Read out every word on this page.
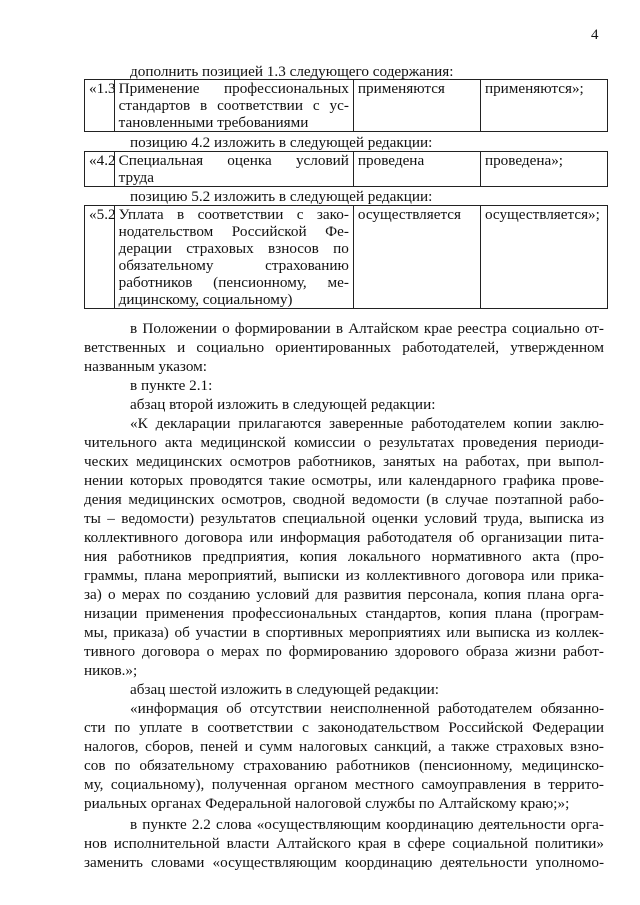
4
дополнить позицией 1.3 следующего содержания:
«1.3	Применение профессиональных
стандартов в соответствии с ус-
тановленными требованиями
	применяются	применяются»;
позицию 4.2 изложить в следующей редакции:
«4.2	Специальная оценка условий
труда
	проведена	проведена»;
позицию 5.2 изложить в следующей редакции:
«5.2	Уплата в соответствии с зако-
нодательством Российской Фе-
дерации страховых взносов по
обязательному страхованию
работников (пенсионному, ме-
дицинскому, социальному)
	осуществляется	осуществляется»;
в Положении о формировании в Алтайском крае реестра социально от-
ветственных и социально ориентированных работодателей, утвержденном
названным указом:
в пункте 2.1:
абзац второй изложить в следующей редакции:
«К декларации прилагаются заверенные работодателем копии заклю-
чительного акта медицинской комиссии о результатах проведения периоди-
ческих медицинских осмотров работников, занятых на работах, при выпол-
нении которых проводятся такие осмотры, или календарного графика прове-
дения медицинских осмотров, сводной ведомости (в случае поэтапной рабо-
ты – ведомости) результатов специальной оценки условий труда, выписка из
коллективного договора или информация работодателя об организации пита-
ния работников предприятия, копия локального нормативного акта (про-
граммы, плана мероприятий, выписки из коллективного договора или прика-
за) о мерах по созданию условий для развития персонала, копия плана орга-
низации применения профессиональных стандартов, копия плана (програм-
мы, приказа) об участии в спортивных мероприятиях или выписка из коллек-
тивного договора о мерах по формированию здорового образа жизни работ-
ников.»;
абзац шестой изложить в следующей редакции:
«информация об отсутствии неисполненной работодателем обязанно-
сти по уплате в соответствии с законодательством Российской Федерации
налогов, сборов, пеней и сумм налоговых санкций, а также страховых взно-
сов по обязательному страхованию работников (пенсионному, медицинско-
му, социальному), полученная органом местного самоуправления в террито-
риальных органах Федеральной налоговой службы по Алтайскому краю;»;
в пункте 2.2 слова «осуществляющим координацию деятельности орга-
нов исполнительной власти Алтайского края в сфере социальной политики»
заменить словами «осуществляющим координацию деятельности уполномо-
